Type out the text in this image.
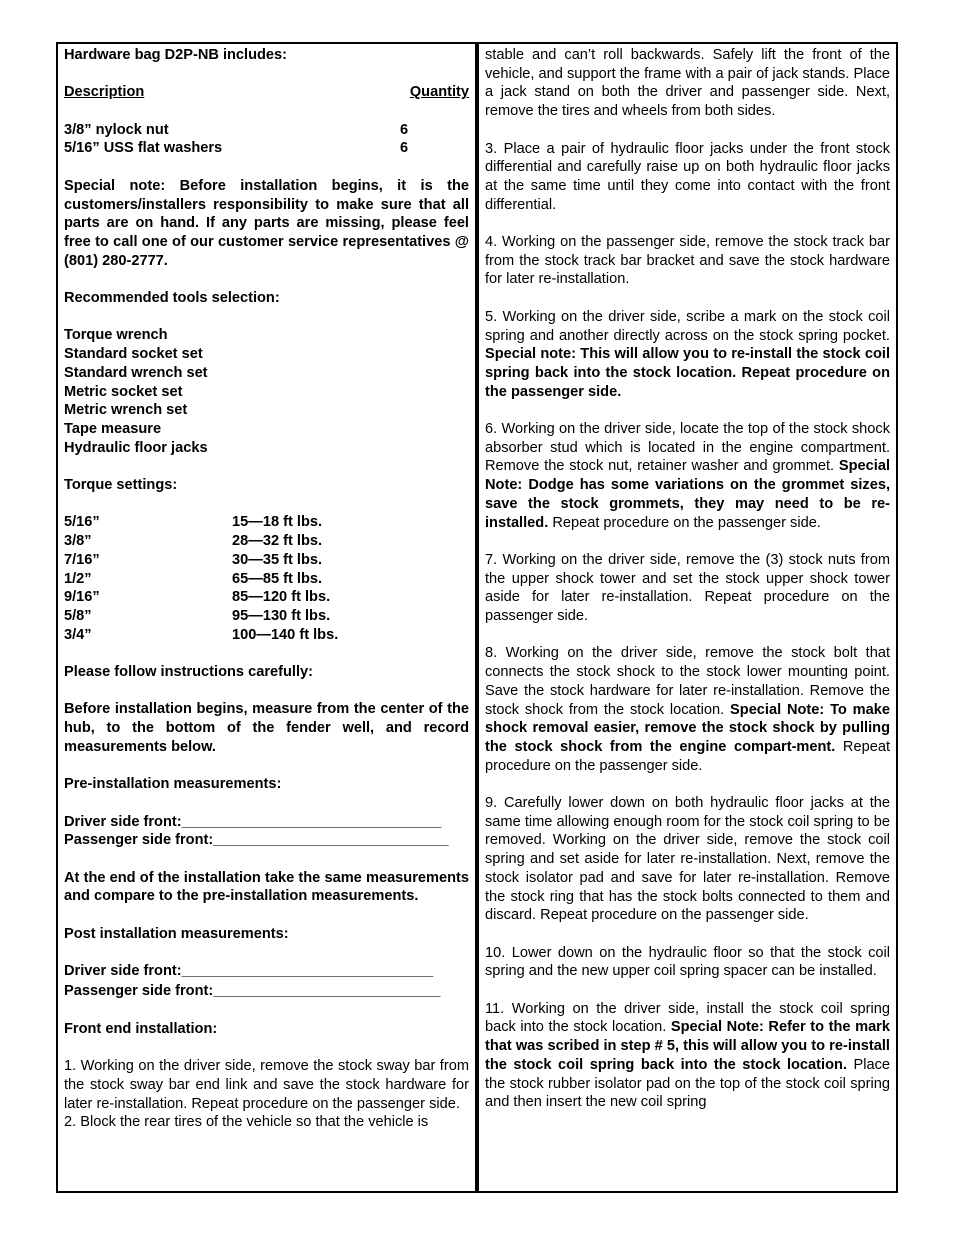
Hardware bag D2P-NB includes:

Description	Quantity
3/8” nylock nut	6
5/16” USS flat washers	6

Special note: Before installation begins, it is the customers/installers responsibility to make sure that all parts are on hand. If any parts are missing, please feel free to call one of our customer service representatives @ (801) 280-2777.

Recommended tools selection:

Torque wrench

Standard socket set

Standard wrench set

Metric socket set

Metric wrench set

Tape measure

Hydraulic floor jacks

Torque settings:

5/16”	15—18 ft lbs.
3/8”	28—32 ft lbs.
7/16”	30—35 ft lbs.
1/2”	65—85 ft lbs.
9/16”	85—120 ft lbs.
5/8”	95—130 ft lbs.
3/4”	100—140 ft lbs.

Please follow instructions carefully:

Before installation begins, measure from the center of the hub, to the bottom of the fender well, and record measurements below.

Pre-installation measurements:

Driver side front:________________________________

Passenger side front:_____________________________

At the end of the installation take the same measurements and compare to the pre-installation measurements.

Post installation measurements:

Driver side front:_______________________________

Passenger side front:____________________________

Front end installation:

1. Working on the driver side, remove the stock sway bar from the stock sway bar end link and save the stock hardware for later re-installation. Repeat procedure on the passenger side.

2. Block the rear tires of the vehicle so that the vehicle is

stable and can’t roll backwards. Safely lift the front of the vehicle, and support the frame with a pair of jack stands. Place a jack stand on both the driver and passenger side. Next, remove the tires and wheels from both sides.

3. Place a pair of hydraulic floor jacks under the front stock differential and carefully raise up on both hydraulic floor jacks at the same time until they come into contact with the front differential.

4. Working on the passenger side, remove the stock track bar from the stock track bar bracket and save the stock hardware for later re-installation.

5. Working on the driver side, scribe a mark on the stock coil spring and another directly across on the stock spring pocket. Special note: This will allow you to re-install the stock coil spring back into the stock location. Repeat procedure on the passenger side.

6. Working on the driver side, locate the top of the stock shock absorber stud which is located in the engine compartment. Remove the stock nut, retainer washer and grommet. Special Note: Dodge has some variations on the grommet sizes, save the stock grommets, they may need to be re-installed. Repeat procedure on the passenger side.

7. Working on the driver side, remove the (3) stock nuts from the upper shock tower and set the stock upper shock tower aside for later re-installation. Repeat procedure on the passenger side.

8. Working on the driver side, remove the stock bolt that connects the stock shock to the stock lower mounting point. Save the stock hardware for later re-installation. Remove the stock shock from the stock location. Special Note: To make shock removal easier, remove the stock shock by pulling the stock shock from the engine compart-ment. Repeat procedure on the passenger side.

9. Carefully lower down on both hydraulic floor jacks at the same time allowing enough room for the stock coil spring to be removed. Working on the driver side, remove the stock coil spring and set aside for later re-installation. Next, remove the stock isolator pad and save for later re-installation. Remove the stock ring that has the stock bolts connected to them and discard. Repeat procedure on the passenger side.

10. Lower down on the hydraulic floor so that the stock coil spring and the new upper coil spring spacer can be installed.

11. Working on the driver side, install the stock coil spring back into the stock location. Special Note: Refer to the mark that was scribed in step # 5, this will allow you to re-install the stock coil spring back into the stock location. Place the stock rubber isolator pad on the top of the stock coil spring and then insert the new coil spring
